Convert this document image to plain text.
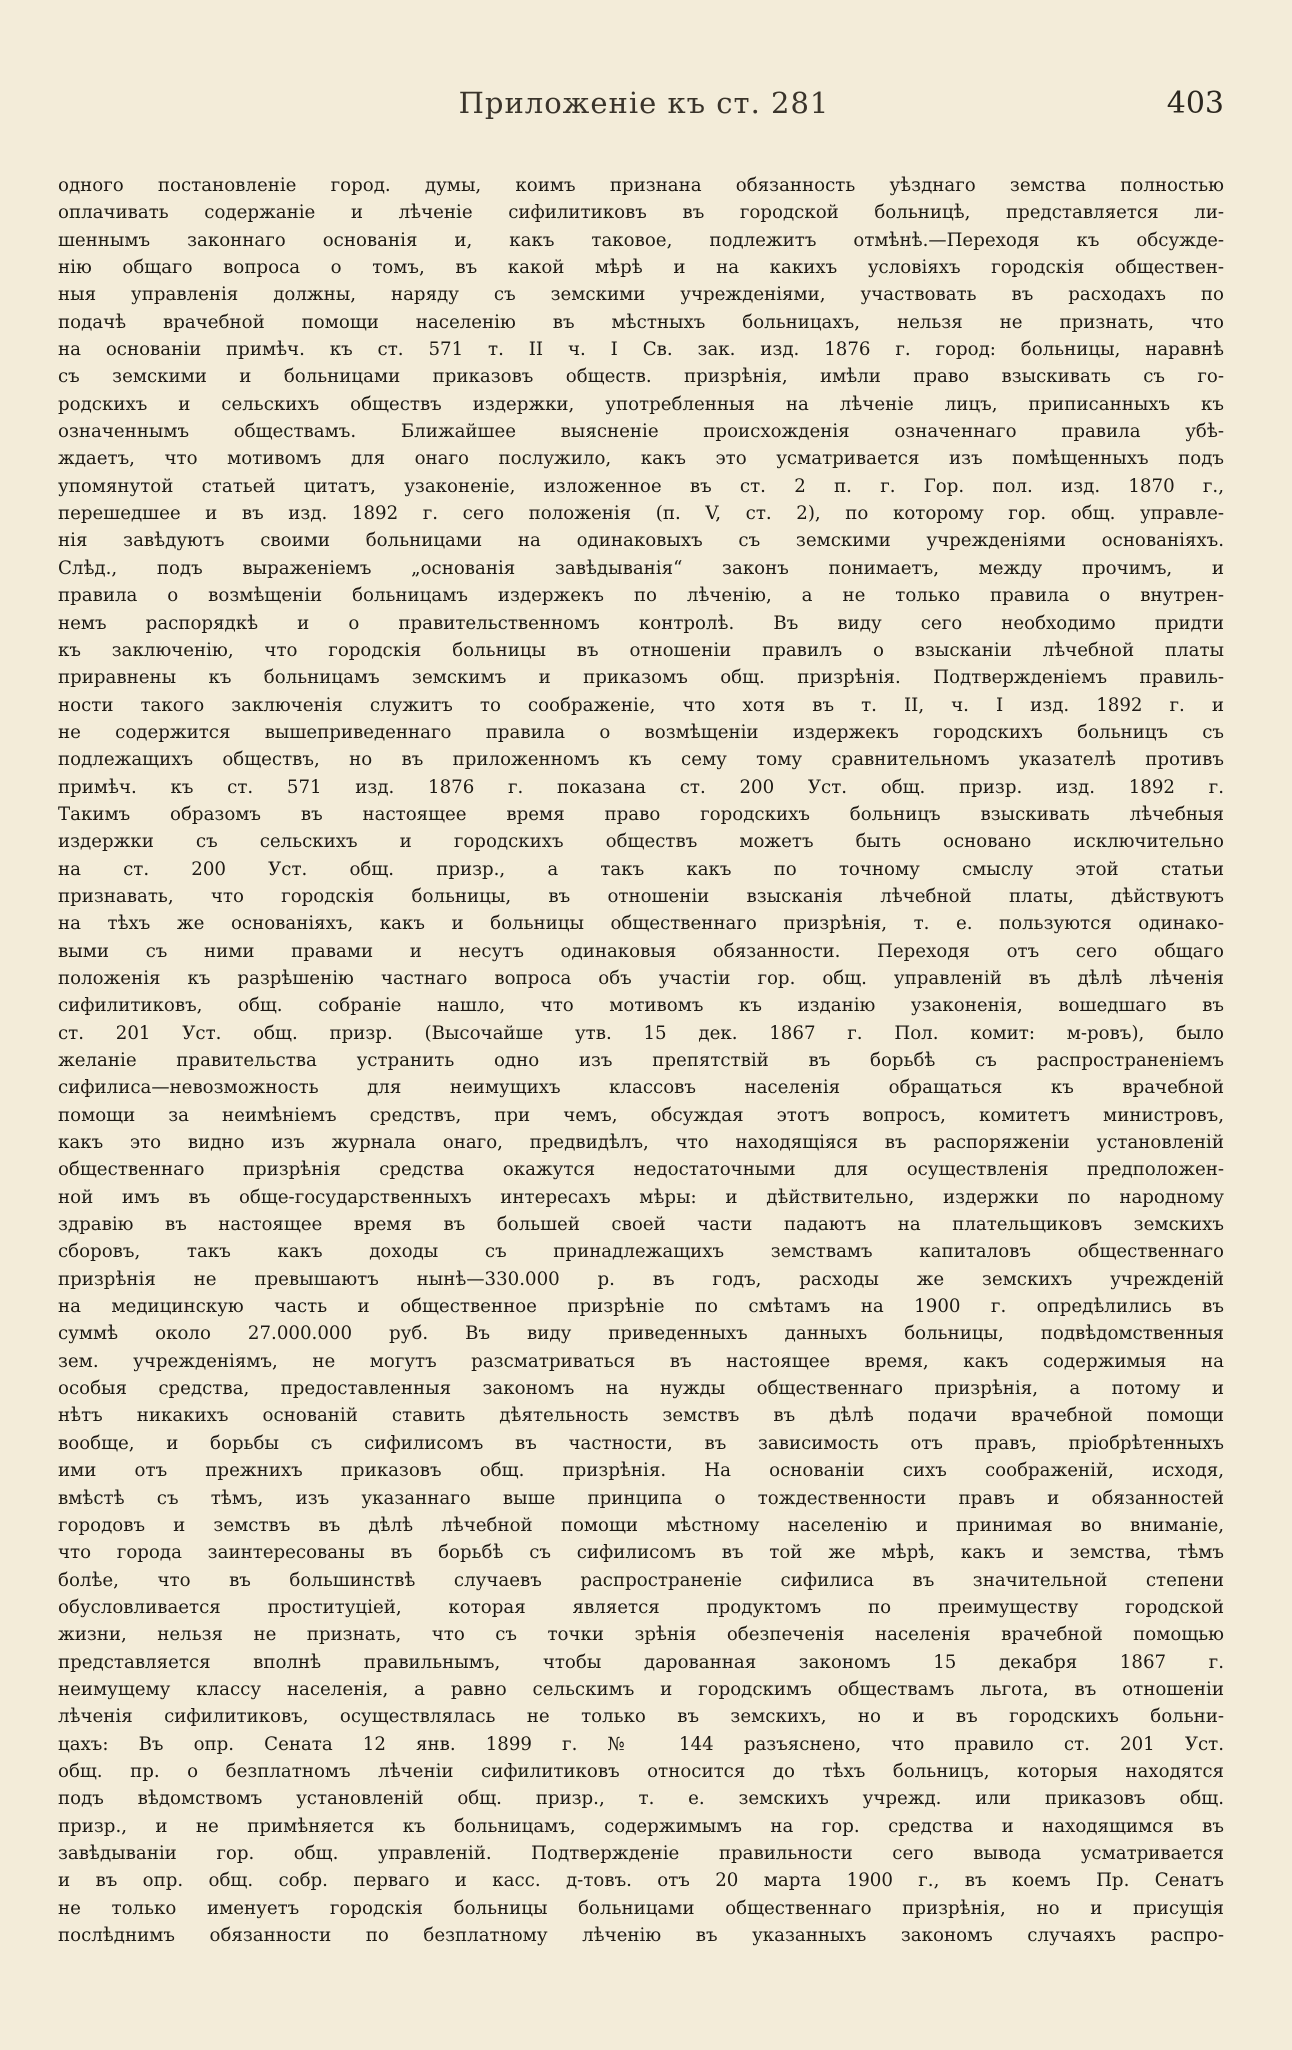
Приложенiе къ ст. 281	403
одного постановленiе город. думы, коимъ признана обязанность уѣзднаго земства полностью
оплачивать содержанiе и лѣченiе сифилитиковъ въ городской больницѣ, представляется ли-
шеннымъ законнаго основанiя и, какъ таковое, подлежитъ отмѣнѣ.—Переходя къ обсужде-
нiю общаго вопроса о томъ, въ какой мѣрѣ и на какихъ условiяхъ городскiя обществен-
ныя управленiя должны, наряду съ земскими учрежденiями, участвовать въ расходахъ по
подачѣ врачебной помощи населенiю въ мѣстныхъ больницахъ, нельзя не признать, что
на основанiи примѣч. къ ст. 571 т. II ч. I Св. зак. изд. 1876 г. город: больницы, наравнѣ
съ земскими и больницами приказовъ обществ. призрѣнiя, имѣли право взыскивать съ го-
родскихъ и сельскихъ обществъ издержки, употребленныя на лѣченiе лицъ, приписанныхъ къ
означеннымъ обществамъ. Ближайшее выясненiе происхожденiя означеннаго правила убѣ-
ждаетъ, что мотивомъ для онаго послужило, какъ это усматривается изъ помѣщенныхъ подъ
упомянутой статьей цитатъ, узаконенiе, изложенное въ ст. 2 п. г. Гор. пол. изд. 1870 г.,
перешедшее и въ изд. 1892 г. сего положенiя (п. V, ст. 2), по которому гор. общ. управле-
нiя завѣдуютъ своими больницами на одинаковыхъ съ земскими учрежденiями основанiяхъ.
Слѣд., подъ выраженiемъ „основанiя завѣдыванiя“ законъ понимаетъ, между прочимъ, и
правила о возмѣщенiи больницамъ издержекъ по лѣченiю, а не только правила о внутрен-
немъ распорядкѣ и о правительственномъ контролѣ. Въ виду сего необходимо придти
къ заключенiю, что городскiя больницы въ отношенiи правилъ о взысканiи лѣчебной платы
приравнены къ больницамъ земскимъ и приказомъ общ. призрѣнiя. Подтвержденiемъ правиль-
ности такого заключенiя служитъ то соображенiе, что хотя въ т. II, ч. I изд. 1892 г. и
не содержится вышеприведеннаго правила о возмѣщенiи издержекъ городскихъ больницъ съ
подлежащихъ обществъ, но въ приложенномъ къ сему тому сравнительномъ указателѣ противъ
примѣч. къ ст. 571 изд. 1876 г. показана ст. 200 Уст. общ. призр. изд. 1892 г.
Такимъ образомъ въ настоящее время право городскихъ больницъ взыскивать лѣчебныя
издержки съ сельскихъ и городскихъ обществъ можетъ быть основано исключительно
на ст. 200 Уст. общ. призр., а такъ какъ по точному смыслу этой статьи
признавать, что городскiя больницы, въ отношенiи взысканiя лѣчебной платы, дѣйствуютъ
на тѣхъ же основанiяхъ, какъ и больницы общественнаго призрѣнiя, т. е. пользуются одинако-
выми съ ними правами и несутъ одинаковыя обязанности. Переходя отъ сего общаго
положенiя къ разрѣшенiю частнаго вопроса объ участiи гор. общ. управленiй въ дѣлѣ лѣченiя
сифилитиковъ, общ. собранiе нашло, что мотивомъ къ изданiю узаконенiя, вошедшаго въ
ст. 201 Уст. общ. призр. (Высочайше утв. 15 дек. 1867 г. Пол. комит: м-ровъ), было
желанiе правительства устранить одно изъ препятствiй въ борьбѣ съ распространенiемъ
сифилиса—невозможность для неимущихъ классовъ населенiя обращаться къ врачебной
помощи за неимѣнiемъ средствъ, при чемъ, обсуждая этотъ вопросъ, комитетъ министровъ,
какъ это видно изъ журнала онаго, предвидѣлъ, что находящiяся въ распоряженiи установленiй
общественнаго призрѣнiя средства окажутся недостаточными для осуществленiя предположен-
ной имъ въ обще-государственныхъ интересахъ мѣры: и дѣйствительно, издержки по народному
здравiю въ настоящее время въ большей своей части падаютъ на плательщиковъ земскихъ
сборовъ, такъ какъ доходы съ принадлежащихъ земствамъ капиталовъ общественнаго
призрѣнiя не превышаютъ нынѣ—330.000 р. въ годъ, расходы же земскихъ учрежденiй
на медицинскую часть и общественное призрѣнiе по смѣтамъ на 1900 г. опредѣлились въ
суммѣ около 27.000.000 руб. Въ виду приведенныхъ данныхъ больницы, подвѣдомственныя
зем. учрежденiямъ, не могутъ разсматриваться въ настоящее время, какъ содержимыя на
особыя средства, предоставленныя закономъ на нужды общественнаго призрѣнiя, а потому и
нѣтъ никакихъ основанiй ставить дѣятельность земствъ въ дѣлѣ подачи врачебной помощи
вообще, и борьбы съ сифилисомъ въ частности, въ зависимость отъ правъ, прiобрѣтенныхъ
ими отъ прежнихъ приказовъ общ. призрѣнiя. На основанiи сихъ соображенiй, исходя,
вмѣстѣ съ тѣмъ, изъ указаннаго выше принципа о тождественности правъ и обязанностей
городовъ и земствъ въ дѣлѣ лѣчебной помощи мѣстному населенiю и принимая во вниманiе,
что города заинтересованы въ борьбѣ съ сифилисомъ въ той же мѣрѣ, какъ и земства, тѣмъ
болѣе, что въ большинствѣ случаевъ распространенiе сифилиса въ значительной степени
обусловливается проституцiей, которая является продуктомъ по преимуществу городской
жизни, нельзя не признать, что съ точки зрѣнiя обезпеченiя населенiя врачебной помощью
представляется вполнѣ правильнымъ, чтобы дарованная закономъ 15 декабря 1867 г.
неимущему классу населенiя, а равно сельскимъ и городскимъ обществамъ льгота, въ отношенiи
лѣченiя сифилитиковъ, осуществлялась не только въ земскихъ, но и въ городскихъ больни-
цахъ: Въ опр. Сената 12 янв. 1899 г. № 144 разъяснено, что правило ст. 201 Уст.
общ. пр. о безплатномъ лѣченiи сифилитиковъ относится до тѣхъ больницъ, которыя находятся
подъ вѣдомствомъ установленiй общ. призр., т. е. земскихъ учрежд. или приказовъ общ.
призр., и не примѣняется къ больницамъ, содержимымъ на гор. средства и находящимся въ
завѣдыванiи гор. общ. управленiй. Подтвержденiе правильности сего вывода усматривается
и въ опр. общ. собр. перваго и касс. д-товъ. отъ 20 марта 1900 г., въ коемъ Пр. Сенатъ
не только именуетъ городскiя больницы больницами общественнаго призрѣнiя, но и присущiя
послѣднимъ обязанности по безплатному лѣченiю въ указанныхъ закономъ случаяхъ распро-
